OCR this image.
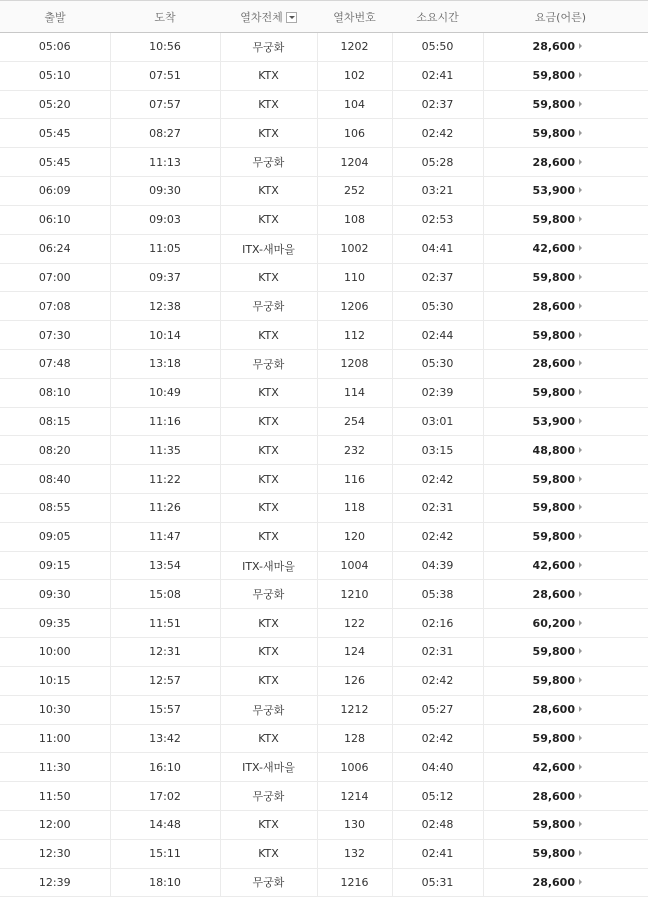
출발	도착	열차전체	열차번호	소요시간	요금(어른)
05:06	10:56	무궁화	1202	05:50	28,600
05:10	07:51	KTX	102	02:41	59,800
05:20	07:57	KTX	104	02:37	59,800
05:45	08:27	KTX	106	02:42	59,800
05:45	11:13	무궁화	1204	05:28	28,600
06:09	09:30	KTX	252	03:21	53,900
06:10	09:03	KTX	108	02:53	59,800
06:24	11:05	ITX-새마을	1002	04:41	42,600
07:00	09:37	KTX	110	02:37	59,800
07:08	12:38	무궁화	1206	05:30	28,600
07:30	10:14	KTX	112	02:44	59,800
07:48	13:18	무궁화	1208	05:30	28,600
08:10	10:49	KTX	114	02:39	59,800
08:15	11:16	KTX	254	03:01	53,900
08:20	11:35	KTX	232	03:15	48,800
08:40	11:22	KTX	116	02:42	59,800
08:55	11:26	KTX	118	02:31	59,800
09:05	11:47	KTX	120	02:42	59,800
09:15	13:54	ITX-새마을	1004	04:39	42,600
09:30	15:08	무궁화	1210	05:38	28,600
09:35	11:51	KTX	122	02:16	60,200
10:00	12:31	KTX	124	02:31	59,800
10:15	12:57	KTX	126	02:42	59,800
10:30	15:57	무궁화	1212	05:27	28,600
11:00	13:42	KTX	128	02:42	59,800
11:30	16:10	ITX-새마을	1006	04:40	42,600
11:50	17:02	무궁화	1214	05:12	28,600
12:00	14:48	KTX	130	02:48	59,800
12:30	15:11	KTX	132	02:41	59,800
12:39	18:10	무궁화	1216	05:31	28,600
